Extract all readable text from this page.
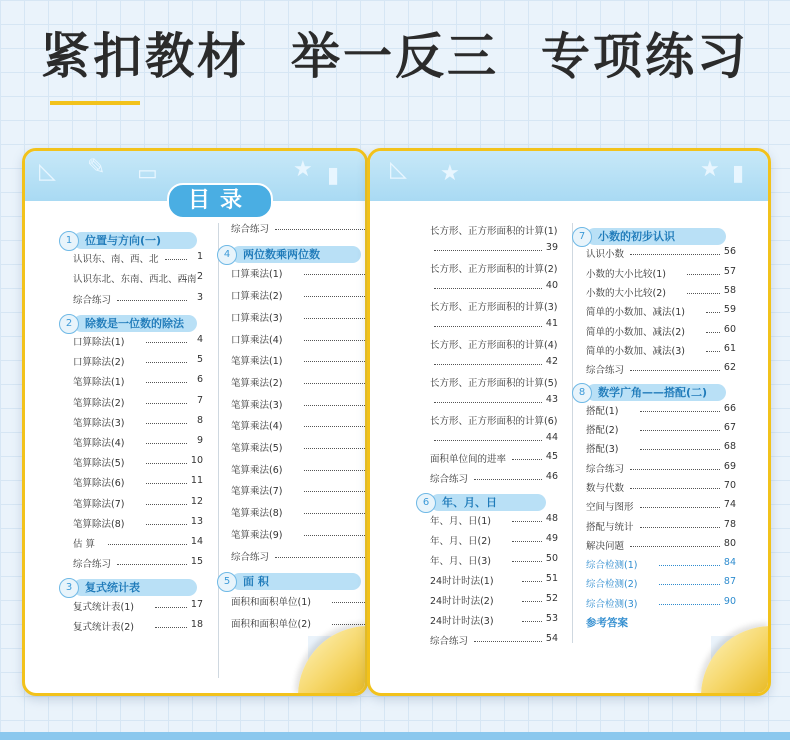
紧扣教材 举一反三 专项练习
◺ ✎ ▭	★ ▮
目录
位置与方向(一)
1
认识东、南、西、北	1
认识东北、东南、西北、西南 2
综合练习	3
除数是一位数的除法
2
口算除法(1)	4
口算除法(2)	5
笔算除法(1)	6
笔算除法(2)	7
笔算除法(3)	8
笔算除法(4)	9
笔算除法(5)	10
笔算除法(6)	11
笔算除法(7)	12
笔算除法(8)	13
估 算	14
综合练习	15
复式统计表
3
复式统计表(1)	17
复式统计表(2)	18
综合练习
两位数乘两位数
4
口算乘法(1)
口算乘法(2)
口算乘法(3)
口算乘法(4)
笔算乘法(1)
笔算乘法(2)
笔算乘法(3)
笔算乘法(4)
笔算乘法(5)
笔算乘法(6)
笔算乘法(7)
笔算乘法(8)
笔算乘法(9)
综合练习
面 积
5
面积和面积单位(1)
面积和面积单位(2)
◺ ★	★ ▮
长方形、正方形面积的计算(1)
39
长方形、正方形面积的计算(2)
40
长方形、正方形面积的计算(3)
41
长方形、正方形面积的计算(4)
42
长方形、正方形面积的计算(5)
43
长方形、正方形面积的计算(6)
44
面积单位间的进率	45
综合练习	46
年、月、日
6
年、月、日(1)	48
年、月、日(2)	49
年、月、日(3)	50
24时计时法(1)	51
24时计时法(2)	52
24时计时法(3)	53
综合练习	54
小数的初步认识
7
认识小数	56
小数的大小比较(1)	57
小数的大小比较(2)	58
简单的小数加、减法(1)	59
简单的小数加、减法(2)	60
简单的小数加、减法(3)	61
综合练习	62
数学广角——搭配(二)
8
搭配(1)	66
搭配(2)	67
搭配(3)	68
综合练习	69
数与代数	70
空间与图形	74
搭配与统计	78
解决问题	80
综合检测(1)	84
综合检测(2)	87
综合检测(3)	90
参考答案
